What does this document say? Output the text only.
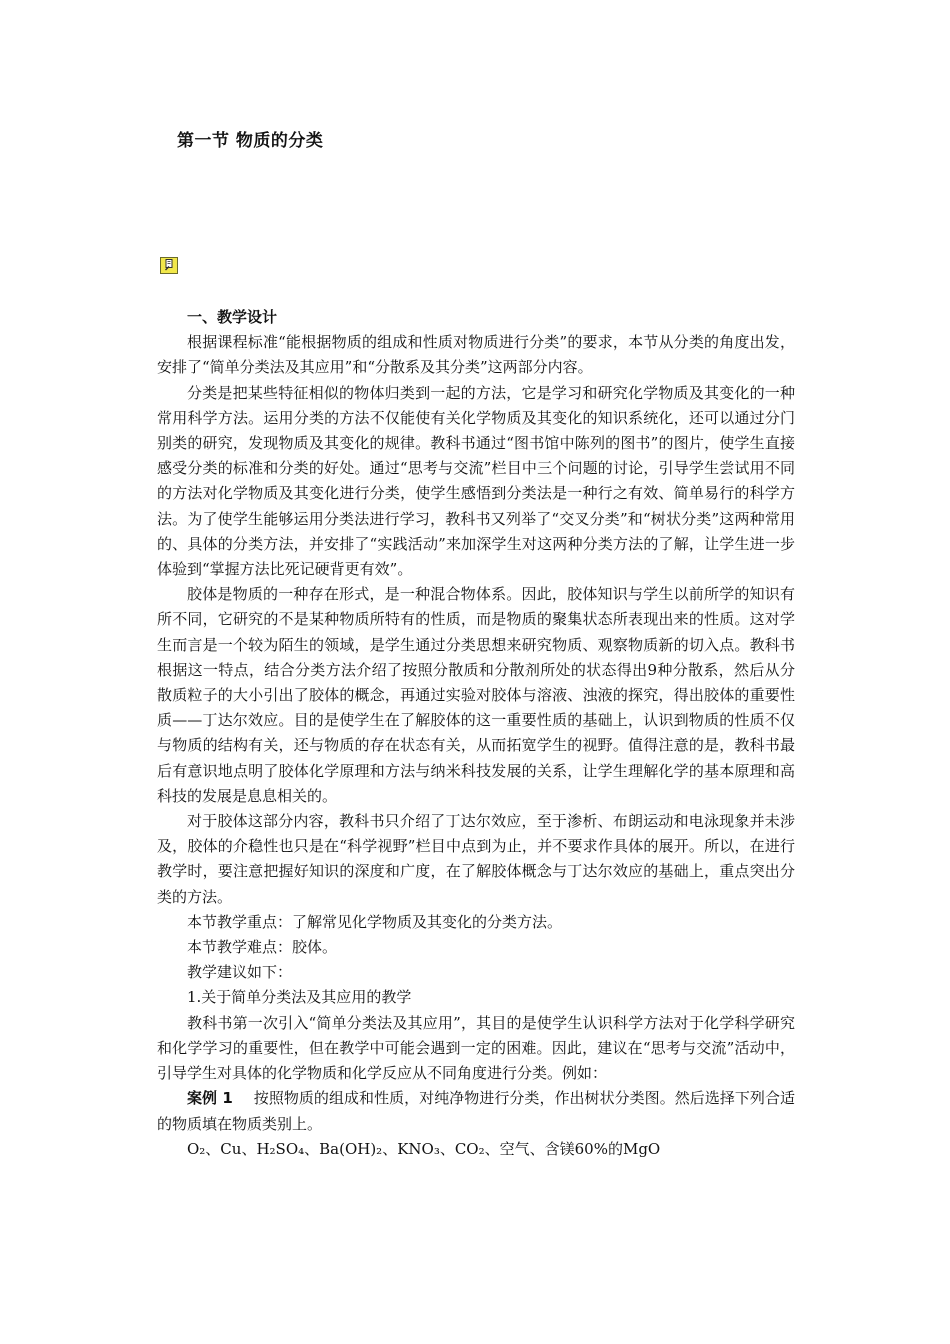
第一节 物质的分类

一、教学设计

根据课程标准“能根据物质的组成和性质对物质进行分类”的要求，本节从分类的角度出发，安排了“简单分类法及其应用”和“分散系及其分类”这两部分内容。

分类是把某些特征相似的物体归类到一起的方法，它是学习和研究化学物质及其变化的一种常用科学方法。运用分类的方法不仅能使有关化学物质及其变化的知识系统化，还可以通过分门别类的研究，发现物质及其变化的规律。教科书通过“图书馆中陈列的图书”的图片，使学生直接感受分类的标准和分类的好处。通过“思考与交流”栏目中三个问题的讨论，引导学生尝试用不同的方法对化学物质及其变化进行分类，使学生感悟到分类法是一种行之有效、简单易行的科学方法。为了使学生能够运用分类法进行学习，教科书又列举了“交叉分类”和“树状分类”这两种常用的、具体的分类方法，并安排了“实践活动”来加深学生对这两种分类方法的了解，让学生进一步体验到“掌握方法比死记硬背更有效”。

胶体是物质的一种存在形式，是一种混合物体系。因此，胶体知识与学生以前所学的知识有所不同，它研究的不是某种物质所特有的性质，而是物质的聚集状态所表现出来的性质。这对学生而言是一个较为陌生的领域，是学生通过分类思想来研究物质、观察物质新的切入点。教科书根据这一特点，结合分类方法介绍了按照分散质和分散剂所处的状态得出9种分散系，然后从分散质粒子的大小引出了胶体的概念，再通过实验对胶体与溶液、浊液的探究，得出胶体的重要性质——丁达尔效应。目的是使学生在了解胶体的这一重要性质的基础上，认识到物质的性质不仅与物质的结构有关，还与物质的存在状态有关，从而拓宽学生的视野。值得注意的是，教科书最后有意识地点明了胶体化学原理和方法与纳米科技发展的关系，让学生理解化学的基本原理和高科技的发展是息息相关的。

对于胶体这部分内容，教科书只介绍了丁达尔效应，至于渗析、布朗运动和电泳现象并未涉及，胶体的介稳性也只是在“科学视野”栏目中点到为止，并不要求作具体的展开。所以，在进行教学时，要注意把握好知识的深度和广度，在了解胶体概念与丁达尔效应的基础上，重点突出分类的方法。

本节教学重点：了解常见化学物质及其变化的分类方法。

本节教学难点：胶体。

教学建议如下：

1.关于简单分类法及其应用的教学

教科书第一次引入“简单分类法及其应用”，其目的是使学生认识科学方法对于化学科学研究和化学学习的重要性，但在教学中可能会遇到一定的困难。因此，建议在“思考与交流”活动中，引导学生对具体的化学物质和化学反应从不同角度进行分类。例如：

案例 1 按照物质的组成和性质，对纯净物进行分类，作出树状分类图。然后选择下列合适的物质填在物质类别上。

O₂、Cu、H₂SO₄、Ba(OH)₂、KNO₃、CO₂、空气、含镁60%的MgO
